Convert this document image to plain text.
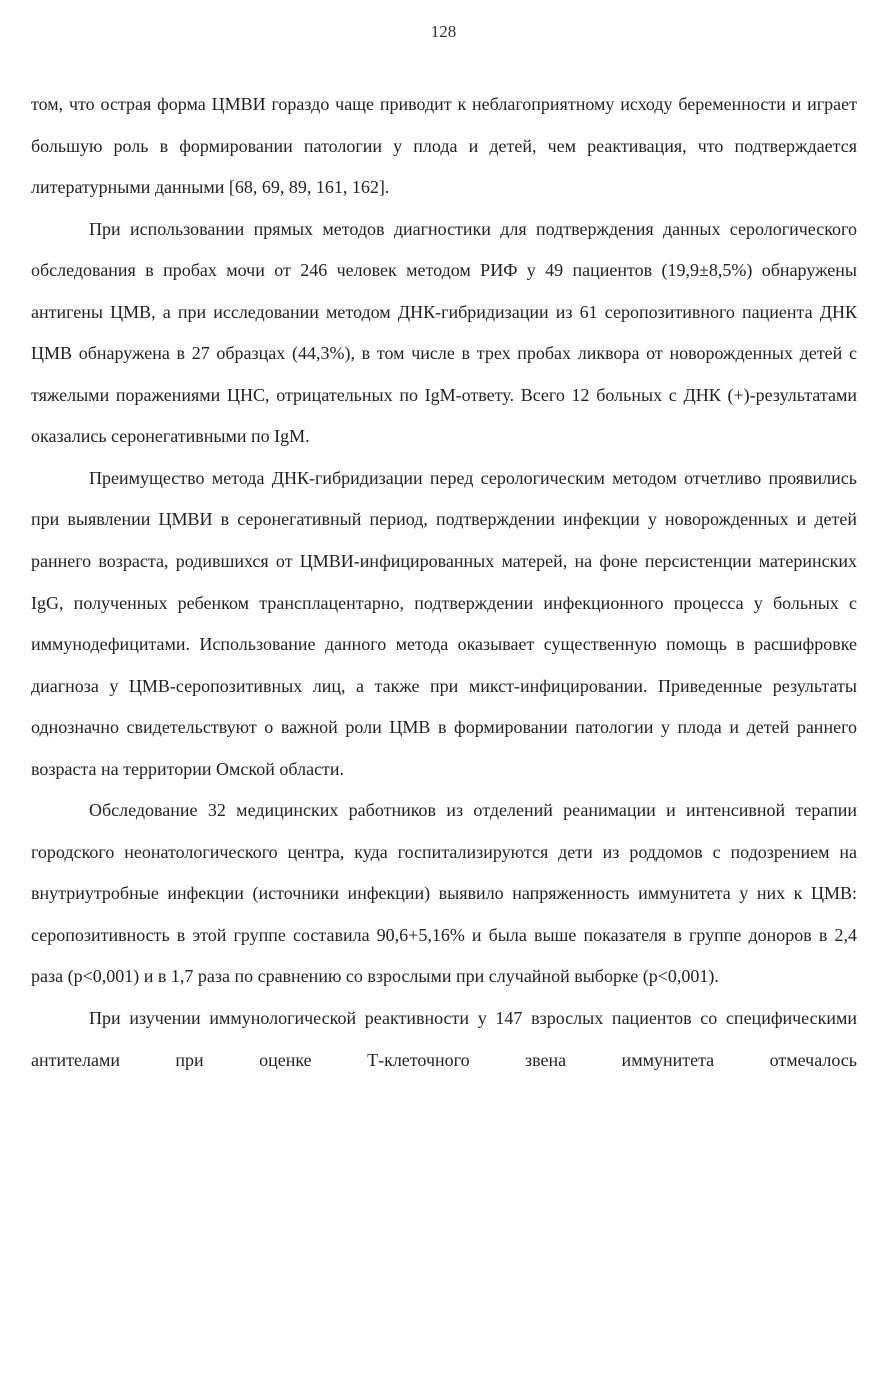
128

том, что острая форма ЦМВИ гораздо чаще приводит к неблагоприятному исходу беременности и играет большую роль в формировании патологии у плода и детей, чем реактивация, что подтверждается литературными данными [68, 69, 89, 161, 162].

При использовании прямых методов диагностики для подтверждения данных серологического обследования в пробах мочи от 246 человек методом РИФ у 49 пациентов (19,9±8,5%) обнаружены антигены ЦМВ, а при исследовании методом ДНК-гибридизации из 61 серопозитивного пациента ДНК ЦМВ обнаружена в 27 образцах (44,3%), в том числе в трех пробах ликвора от новорожденных детей с тяжелыми поражениями ЦНС, отрицательных по IgM-ответу. Всего 12 больных с ДНК (+)-результатами оказались серонегативными по IgM.

Преимущество метода ДНК-гибридизации перед серологическим методом отчетливо проявились при выявлении ЦМВИ в серонегативный период, подтверждении инфекции у новорожденных и детей раннего возраста, родившихся от ЦМВИ-инфицированных матерей, на фоне персистенции материнских IgG, полученных ребенком трансплацентарно, подтверждении инфекционного процесса у больных с иммунодефицитами. Использование данного метода оказывает существенную помощь в расшифровке диагноза у ЦМВ-серопозитивных лиц, а также при микст-инфицировании. Приведенные результаты однозначно свидетельствуют о важной роли ЦМВ в формировании патологии у плода и детей раннего возраста на территории Омской области.

Обследование 32 медицинских работников из отделений реанимации и интенсивной терапии городского неонатологического центра, куда госпитализируются дети из роддомов с подозрением на внутриутробные инфекции (источники инфекции) выявило напряженность иммунитета у них к ЦМВ: серопозитивность в этой группе составила 90,6+5,16% и была выше показателя в группе доноров в 2,4 раза (р<0,001) и в 1,7 раза по сравнению со взрослыми при случайной выборке (р<0,001).

При изучении иммунологической реактивности у 147 взрослых пациентов со специфическими антителами при оценке Т-клеточного звена иммунитета отмечалось
